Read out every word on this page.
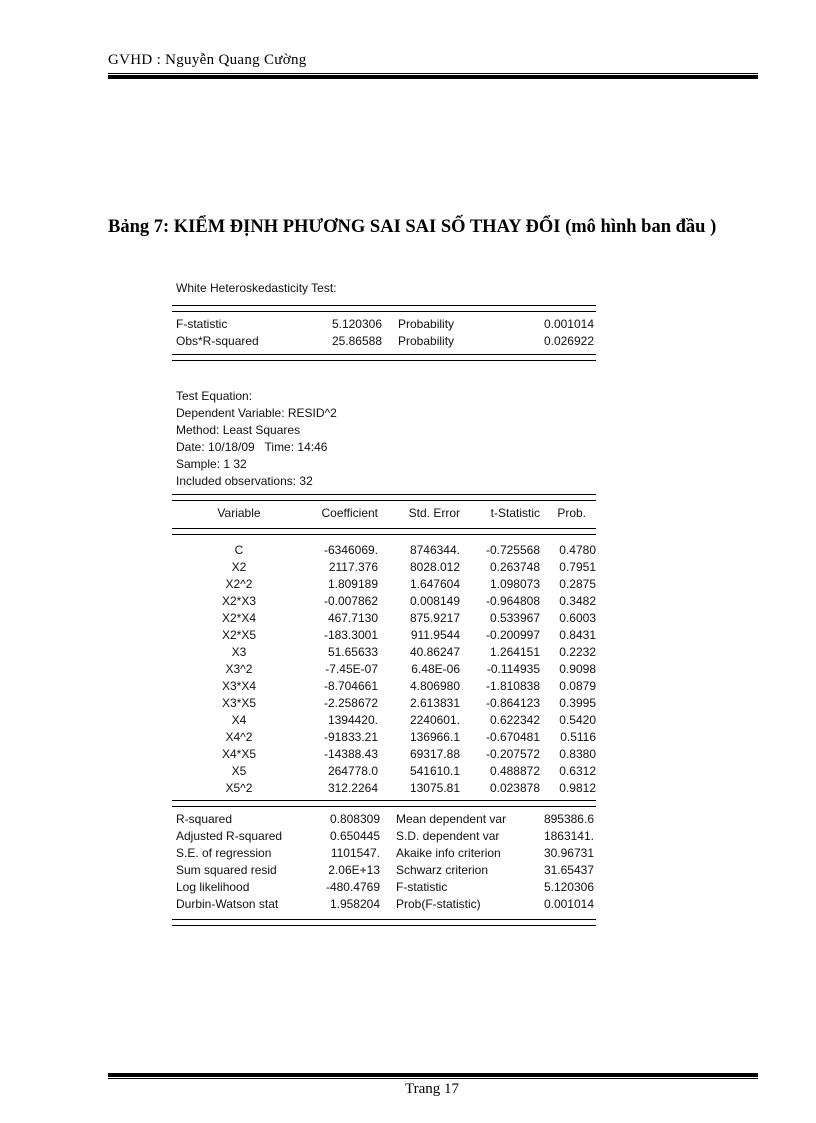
GVHD : Nguyễn Quang Cường
Bảng 7: KIỂM ĐỊNH PHƯƠNG SAI SAI SỐ THAY ĐỔI (mô hình ban đầu )
White Heteroskedasticity Test:
F-statistic	5.120306	Probability	0.001014
Obs*R-squared	25.86588	Probability	0.026922
Test Equation:
Dependent Variable: RESID^2
Method: Least Squares
Date: 10/18/09   Time: 14:46
Sample: 1 32
Included observations: 32
Variable	Coefficient	Std. Error	t-Statistic	Prob.
C	-6346069.	8746344.	-0.725568	0.4780
X2	2117.376	8028.012	0.263748	0.7951
X2^2	1.809189	1.647604	1.098073	0.2875
X2*X3	-0.007862	0.008149	-0.964808	0.3482
X2*X4	467.7130	875.9217	0.533967	0.6003
X2*X5	-183.3001	911.9544	-0.200997	0.8431
X3	51.65633	40.86247	1.264151	0.2232
X3^2	-7.45E-07	6.48E-06	-0.114935	0.9098
X3*X4	-8.704661	4.806980	-1.810838	0.0879
X3*X5	-2.258672	2.613831	-0.864123	0.3995
X4	1394420.	2240601.	0.622342	0.5420
X4^2	-91833.21	136966.1	-0.670481	0.5116
X4*X5	-14388.43	69317.88	-0.207572	0.8380
X5	264778.0	541610.1	0.488872	0.6312
X5^2	312.2264	13075.81	0.023878	0.9812
R-squared	0.808309	Mean dependent var	895386.6
Adjusted R-squared	0.650445	S.D. dependent var	1863141.
S.E. of regression	1101547.	Akaike info criterion	30.96731
Sum squared resid	2.06E+13	Schwarz criterion	31.65437
Log likelihood	-480.4769	F-statistic	5.120306
Durbin-Watson stat	1.958204	Prob(F-statistic)	0.001014
Trang 17
